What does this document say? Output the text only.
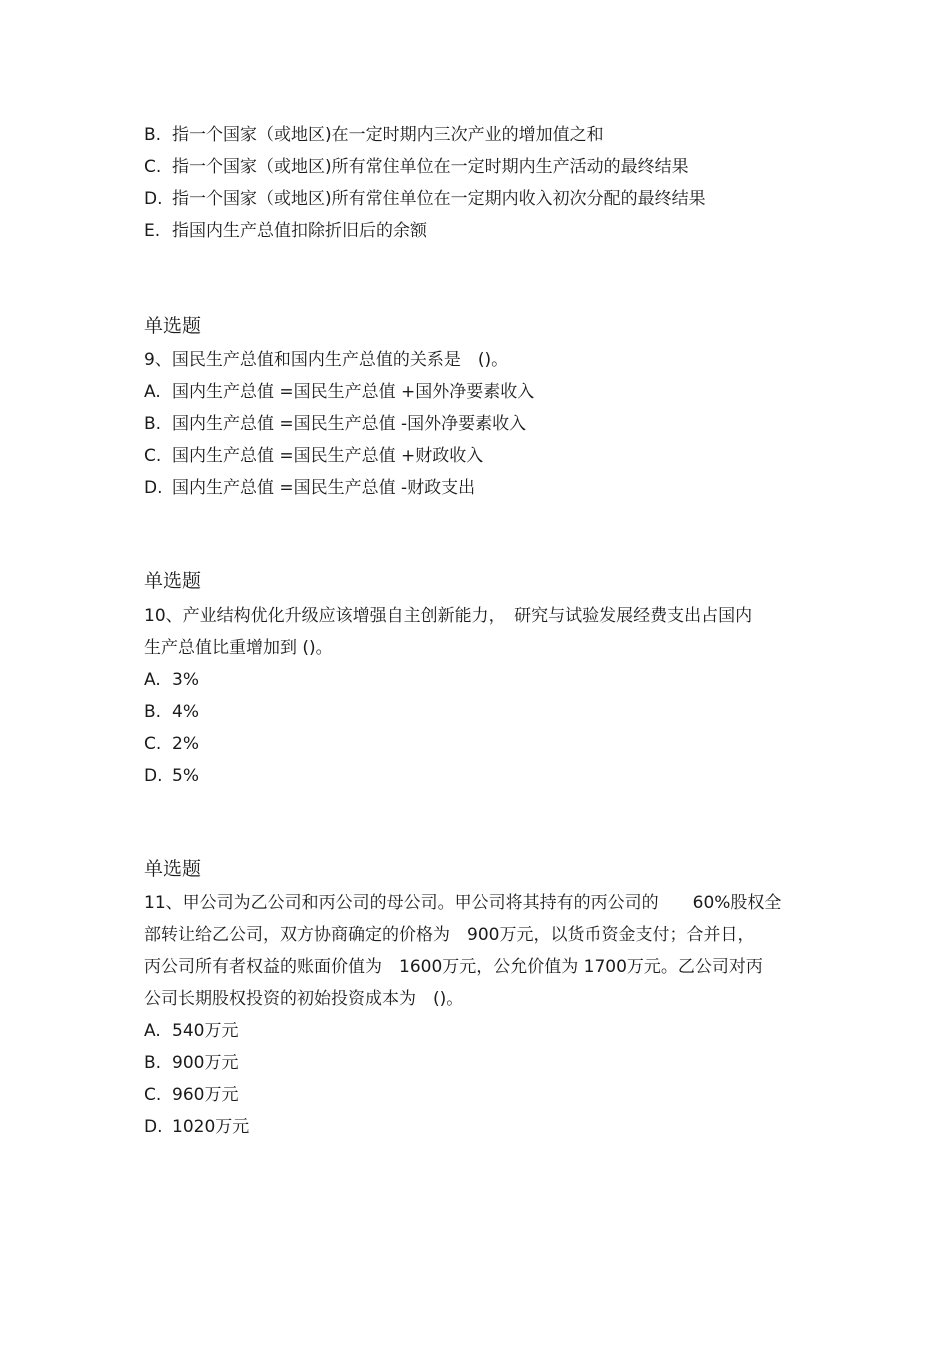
B. 指一个国家（或地区)在一定时期内三次产业的增加值之和
C. 指一个国家（或地区)所有常住单位在一定时期内生产活动的最终结果
D. 指一个国家（或地区)所有常住单位在一定期内收入初次分配的最终结果
E. 指国内生产总值扣除折旧后的余额
单选题
9、国民生产总值和国内生产总值的关系是　()。
A. 国内生产总值 =国民生产总值 +国外净要素收入
B. 国内生产总值 =国民生产总值 -国外净要素收入
C. 国内生产总值 =国民生产总值 +财政收入
D. 国内生产总值 =国民生产总值 -财政支出
单选题
10、产业结构优化升级应该增强自主创新能力，　研究与试验发展经费支出占国内
生产总值比重增加到 ()。
A. 3%
B. 4%
C. 2%
D. 5%
单选题
11、甲公司为乙公司和丙公司的母公司。甲公司将其持有的丙公司的　　60%股权全
部转让给乙公司，双方协商确定的价格为　900万元，以货币资金支付；合并日，
丙公司所有者权益的账面价值为　1600万元，公允价值为 1700万元。乙公司对丙
公司长期股权投资的初始投资成本为　()。
A. 540万元
B. 900万元
C. 960万元
D. 1020万元
